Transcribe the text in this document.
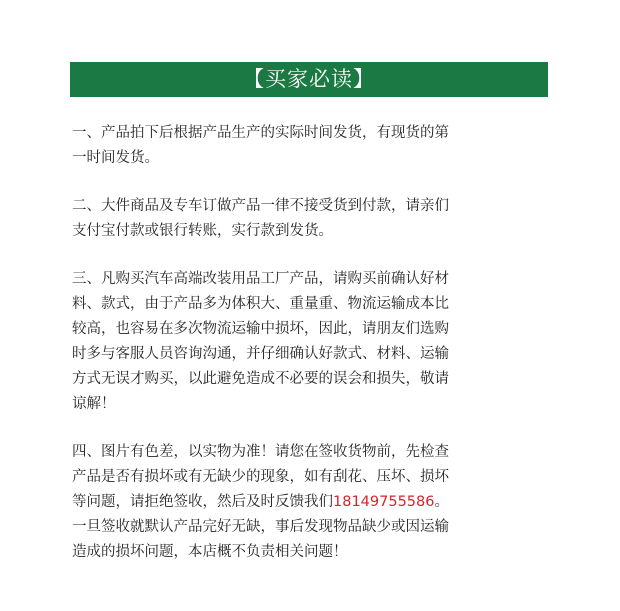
【买家必读】
一、产品拍下后根据产品生产的实际时间发货，有现货的第
一时间发货。
二、大件商品及专车订做产品一律不接受货到付款，请亲们
支付宝付款或银行转账，实行款到发货。
三、凡购买汽车高端改装用品工厂产品，请购买前确认好材
料、款式，由于产品多为体积大、重量重、物流运输成本比
较高，也容易在多次物流运输中损坏，因此，请朋友们选购
时多与客服人员咨询沟通，并仔细确认好款式、材料、运输
方式无误才购买，以此避免造成不必要的误会和损失，敬请
谅解！
四、图片有色差，以实物为准！请您在签收货物前，先检查
产品是否有损坏或有无缺少的现象，如有刮花、压坏、损坏
等问题，请拒绝签收，然后及时反馈我们18149755586。
一旦签收就默认产品完好无缺，事后发现物品缺少或因运输
造成的损坏问题，本店概不负责相关问题！
